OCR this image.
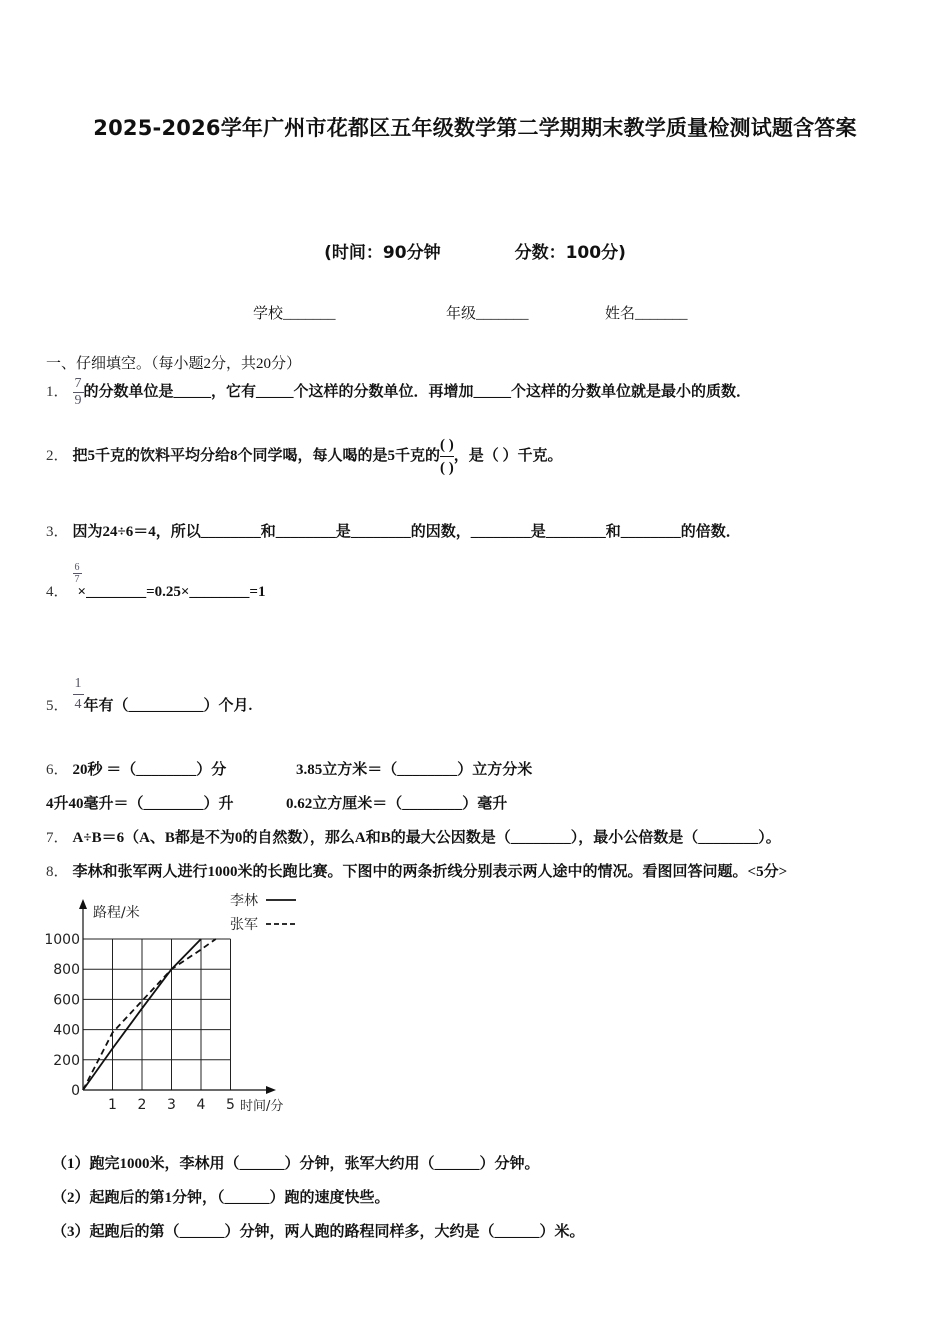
2025-2026学年广州市花都区五年级数学第二学期期末教学质量检测试题含答案
(时间：90分钟	分数：100分)
学校_______	年级_______	姓名_______
一、仔细填空。（每小题2分，共20分）
1． $\frac{7}{9}$ 的分数单位是_____，它有_____个这样的分数单位．再增加_____个这样的分数单位就是最小的质数．
2． 把5千克的饮料平均分给8个同学喝，每人喝的是5千克的 $\frac{( )}{( )}$ ，是（ ）千克。
3． 因为24÷6＝4，所以________和________是________的因数，________是________和________的倍数．
4．
$\frac{6}{7}$
×________=0.25×________=1
5． $\frac{1}{4}$ 年有（__________）个月.
6． 20秒 ＝（________）分	3.85立方米＝（________）立方分米
4升40毫升＝（________）升	0.62立方厘米＝（________）毫升
7． A÷B＝6（A、B都是不为0的自然数），那么A和B的最大公因数是（________），最小公倍数是（________）。
8． 李林和张军两人进行1000米的长跑比赛。下图中的两条折线分别表示两人途中的情况。看图回答问题。<5分>
0
200
400
600
800
1000
1 2 3 4 5
路程/米
时间/分
李林
张军
（1）跑完1000米，李林用（______）分钟，张军大约用（______）分钟。
（2）起跑后的第1分钟，（______）跑的速度快些。
（3）起跑后的第（______）分钟，两人跑的路程同样多，大约是（______）米。
